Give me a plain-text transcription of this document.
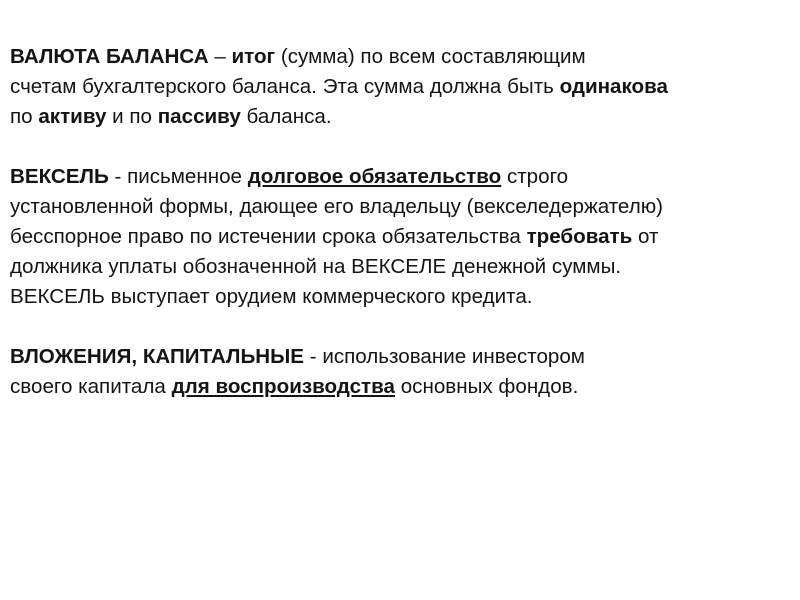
ВАЛЮТА БАЛАНСА – итог (сумма) по всем составляющим
счетам бухгалтерского баланса. Эта сумма должна быть одинакова
по активу и по пассиву баланса.

ВЕКСЕЛЬ - письменное долговое обязательство строго
установленной формы, дающее его владельцу (векселедержателю)
бесспорное право по истечении срока обязательства требовать от
должника уплаты обозначенной на ВЕКСЕЛЕ денежной суммы.
ВЕКСЕЛЬ выступает орудием коммерческого кредита.

ВЛОЖЕНИЯ, КАПИТАЛЬНЫЕ - использование инвестором
своего капитала для воспроизводства основных фондов.
